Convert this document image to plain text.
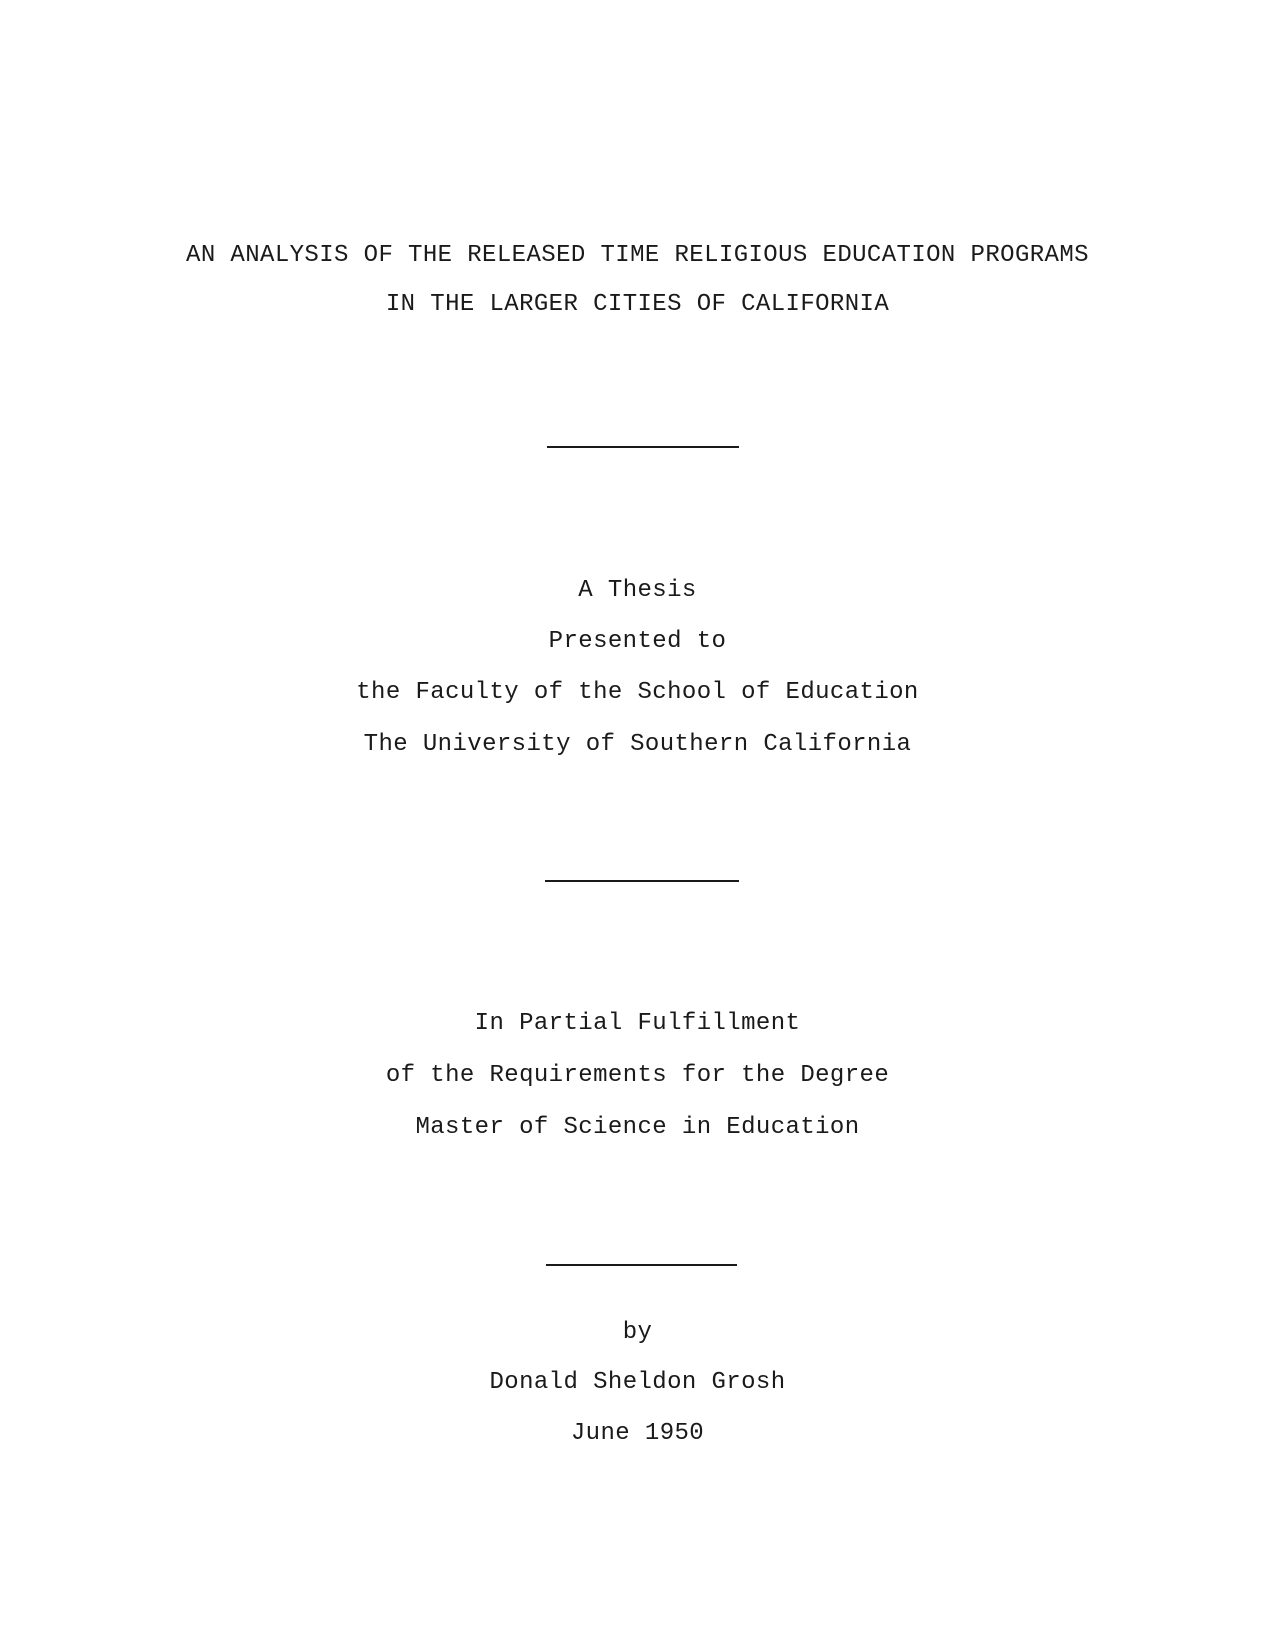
AN ANALYSIS OF THE RELEASED TIME RELIGIOUS EDUCATION PROGRAMS
IN THE LARGER CITIES OF CALIFORNIA
A Thesis
Presented to
the Faculty of the School of Education
The University of Southern California
In Partial Fulfillment
of the Requirements for the Degree
Master of Science in Education
by
Donald Sheldon Grosh
June 1950
